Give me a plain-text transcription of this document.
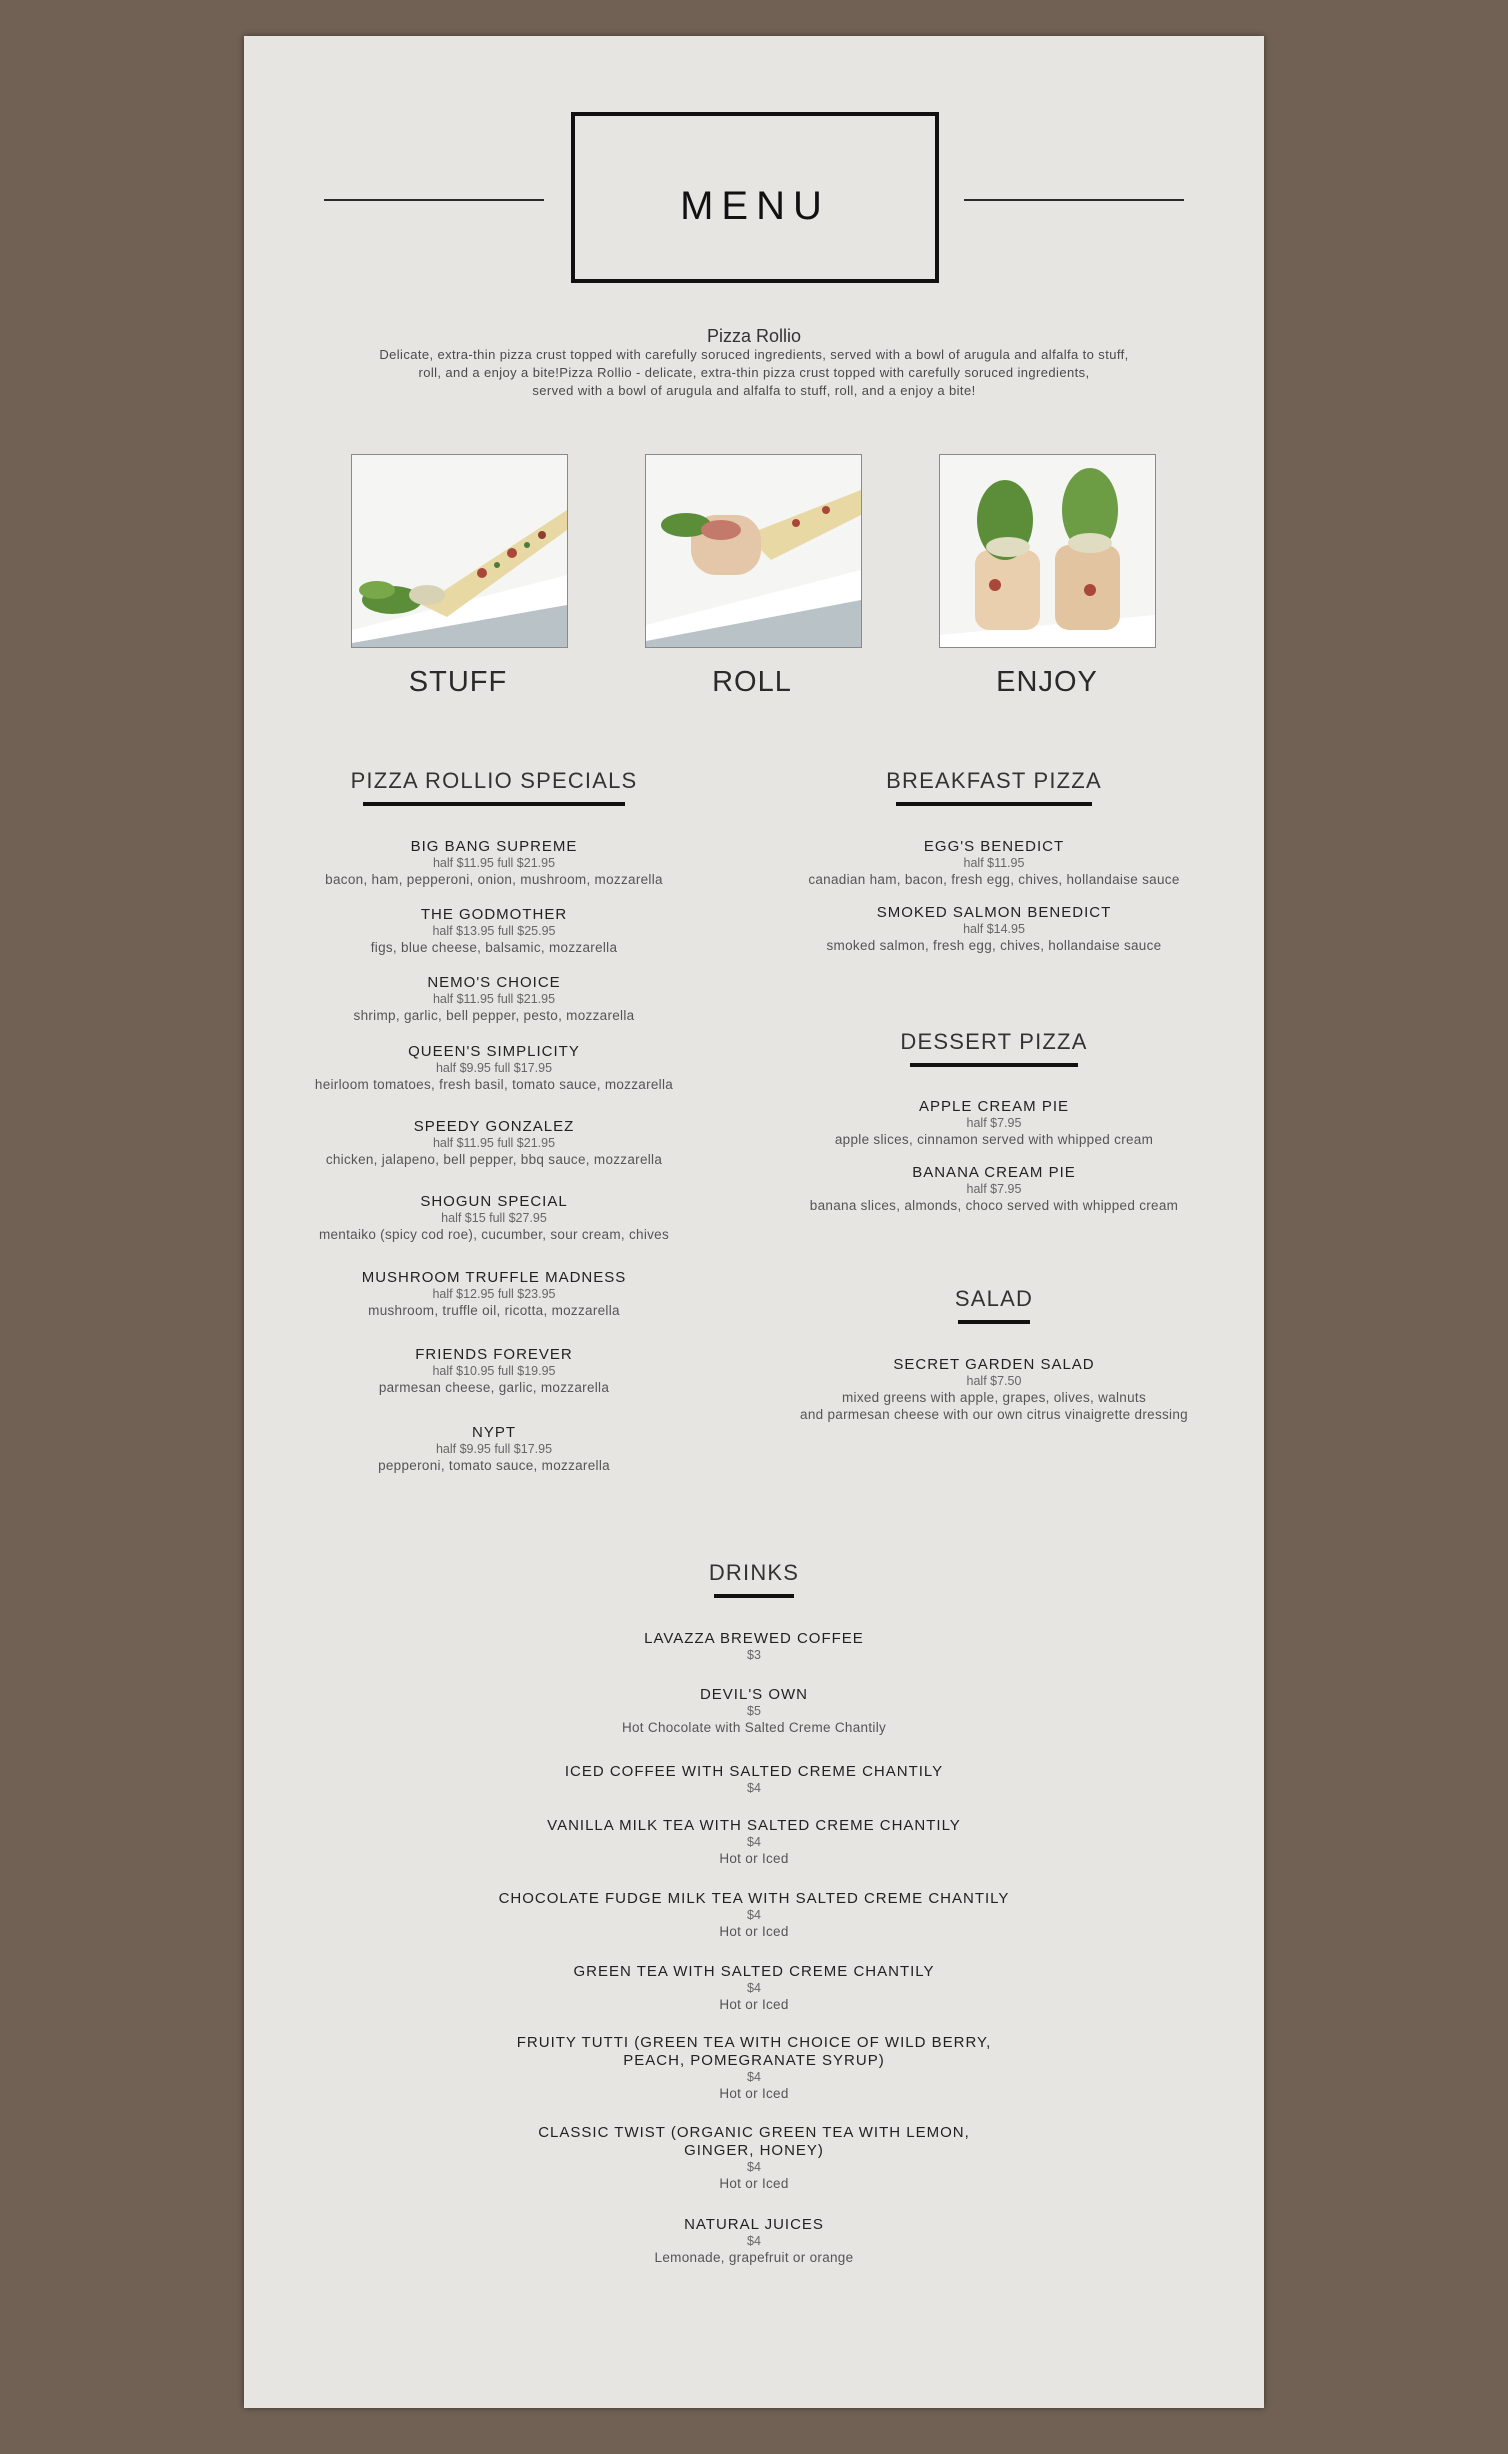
MENU
Pizza Rollio
Delicate, extra-thin pizza crust topped with carefully soruced ingredients, served with a bowl of arugula and alfalfa to stuff,
roll, and a enjoy a bite!Pizza Rollio - delicate, extra-thin pizza crust topped with carefully soruced ingredients,
served with a bowl of arugula and alfalfa to stuff, roll, and a enjoy a bite!
STUFF	ROLL	ENJOY
PIZZA ROLLIO SPECIALS
BIG BANG SUPREME
half $11.95 full $21.95
bacon, ham, pepperoni, onion, mushroom, mozzarella
THE GODMOTHER
half $13.95 full $25.95
figs, blue cheese, balsamic, mozzarella
NEMO'S CHOICE
half $11.95 full $21.95
shrimp, garlic, bell pepper, pesto, mozzarella
QUEEN'S SIMPLICITY
half $9.95 full $17.95
heirloom tomatoes, fresh basil, tomato sauce, mozzarella
SPEEDY GONZALEZ
half $11.95 full $21.95
chicken, jalapeno, bell pepper, bbq sauce, mozzarella
SHOGUN SPECIAL
half $15 full $27.95
mentaiko (spicy cod roe), cucumber, sour cream, chives
MUSHROOM TRUFFLE MADNESS
half $12.95 full $23.95
mushroom, truffle oil, ricotta, mozzarella
FRIENDS FOREVER
half $10.95 full $19.95
parmesan cheese, garlic, mozzarella
NYPT
half $9.95 full $17.95
pepperoni, tomato sauce, mozzarella
BREAKFAST PIZZA
EGG'S BENEDICT
half $11.95
canadian ham, bacon, fresh egg, chives, hollandaise sauce
SMOKED SALMON BENEDICT
half $14.95
smoked salmon, fresh egg, chives, hollandaise sauce
DESSERT PIZZA
APPLE CREAM PIE
half $7.95
apple slices, cinnamon served with whipped cream
BANANA CREAM PIE
half $7.95
banana slices, almonds, choco served with whipped cream
SALAD
SECRET GARDEN SALAD
half $7.50
mixed greens with apple, grapes, olives, walnuts
and parmesan cheese with our own citrus vinaigrette dressing
DRINKS
LAVAZZA BREWED COFFEE
$3
DEVIL'S OWN
$5
Hot Chocolate with Salted Creme Chantily
ICED COFFEE WITH SALTED CREME CHANTILY
$4
VANILLA MILK TEA WITH SALTED CREME CHANTILY
$4
Hot or Iced
CHOCOLATE FUDGE MILK TEA WITH SALTED CREME CHANTILY
$4
Hot or Iced
GREEN TEA WITH SALTED CREME CHANTILY
$4
Hot or Iced
FRUITY TUTTI (GREEN TEA WITH CHOICE OF WILD BERRY,
PEACH, POMEGRANATE SYRUP)
$4
Hot or Iced
CLASSIC TWIST (ORGANIC GREEN TEA WITH LEMON,
GINGER, HONEY)
$4
Hot or Iced
NATURAL JUICES
$4
Lemonade, grapefruit or orange
